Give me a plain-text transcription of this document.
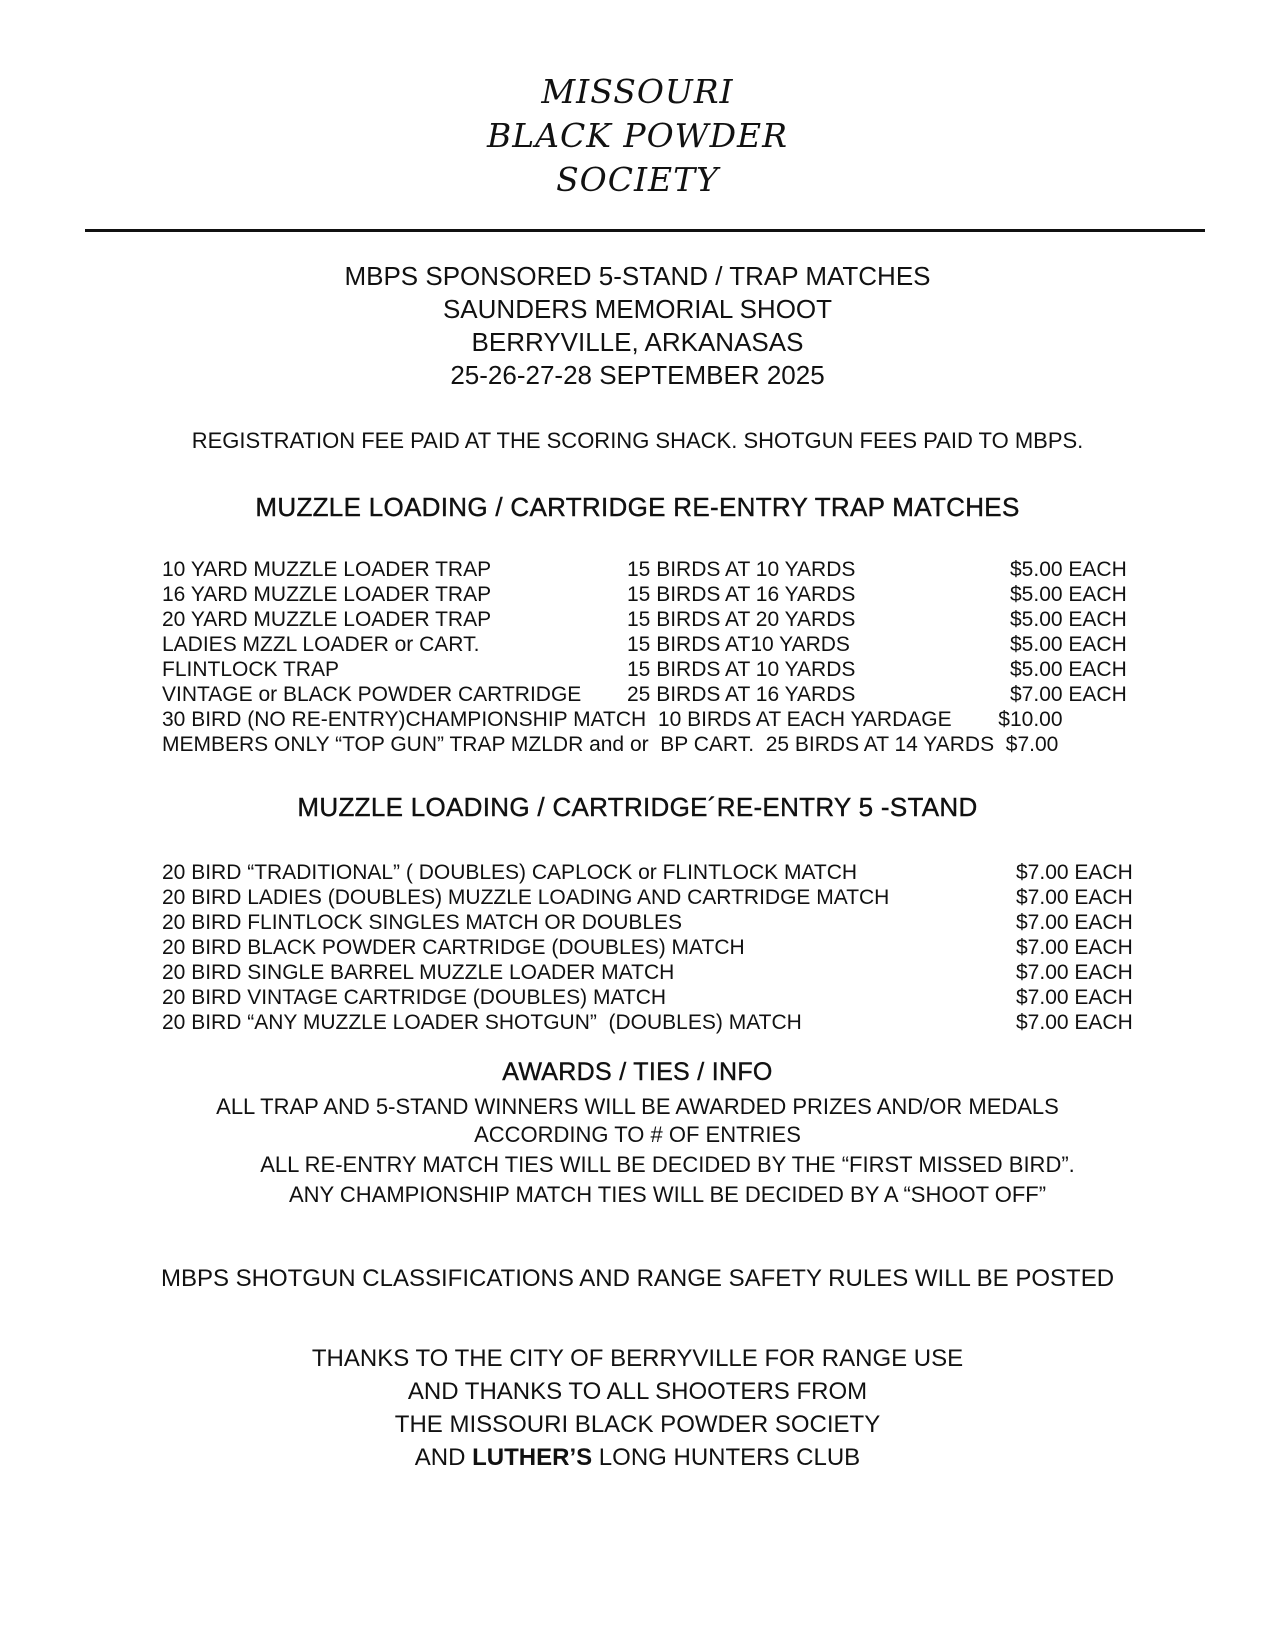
MISSOURI
BLACK POWDER
SOCIETY
MBPS SPONSORED 5-STAND / TRAP MATCHES
SAUNDERS MEMORIAL SHOOT
BERRYVILLE, ARKANASAS
25-26-27-28 SEPTEMBER 2025
REGISTRATION FEE PAID AT THE SCORING SHACK. SHOTGUN FEES PAID TO MBPS.
MUZZLE LOADING / CARTRIDGE RE-ENTRY TRAP MATCHES
10 YARD MUZZLE LOADER TRAP	15 BIRDS AT 10 YARDS	$5.00 EACH
16 YARD MUZZLE LOADER TRAP	15 BIRDS AT 16 YARDS	$5.00 EACH
20 YARD MUZZLE LOADER TRAP	15 BIRDS AT 20 YARDS	$5.00 EACH
LADIES MZZL LOADER or CART.	15 BIRDS AT10 YARDS	$5.00 EACH
FLINTLOCK TRAP	15 BIRDS AT 10 YARDS	$5.00 EACH
VINTAGE or BLACK POWDER CARTRIDGE 25 BIRDS AT 16 YARDS	$7.00 EACH
30 BIRD (NO RE-ENTRY)CHAMPIONSHIP MATCH  10 BIRDS AT EACH YARDAGE        $10.00
MEMBERS ONLY “TOP GUN” TRAP MZLDR and or  BP CART.  25 BIRDS AT 14 YARDS  $7.00
MUZZLE LOADING / CARTRIDGE´RE-ENTRY 5 -STAND
20 BIRD “TRADITIONAL” ( DOUBLES) CAPLOCK or FLINTLOCK MATCH	$7.00 EACH
20 BIRD LADIES (DOUBLES) MUZZLE LOADING AND CARTRIDGE MATCH	$7.00 EACH
20 BIRD FLINTLOCK SINGLES MATCH OR DOUBLES	$7.00 EACH
20 BIRD BLACK POWDER CARTRIDGE (DOUBLES) MATCH	$7.00 EACH
20 BIRD SINGLE BARREL MUZZLE LOADER MATCH	$7.00 EACH
20 BIRD VINTAGE CARTRIDGE (DOUBLES) MATCH	$7.00 EACH
20 BIRD “ANY MUZZLE LOADER SHOTGUN”  (DOUBLES) MATCH	$7.00 EACH
AWARDS / TIES / INFO
ALL TRAP AND 5-STAND WINNERS WILL BE AWARDED PRIZES AND/OR MEDALS
ACCORDING TO # OF ENTRIES
ALL RE-ENTRY MATCH TIES WILL BE DECIDED BY THE “FIRST MISSED BIRD”.
ANY CHAMPIONSHIP MATCH TIES WILL BE DECIDED BY A “SHOOT OFF”
MBPS SHOTGUN CLASSIFICATIONS AND RANGE SAFETY RULES WILL BE POSTED
THANKS TO THE CITY OF BERRYVILLE FOR RANGE USE
AND THANKS TO ALL SHOOTERS FROM
THE MISSOURI BLACK POWDER SOCIETY
AND LUTHER’S LONG HUNTERS CLUB
